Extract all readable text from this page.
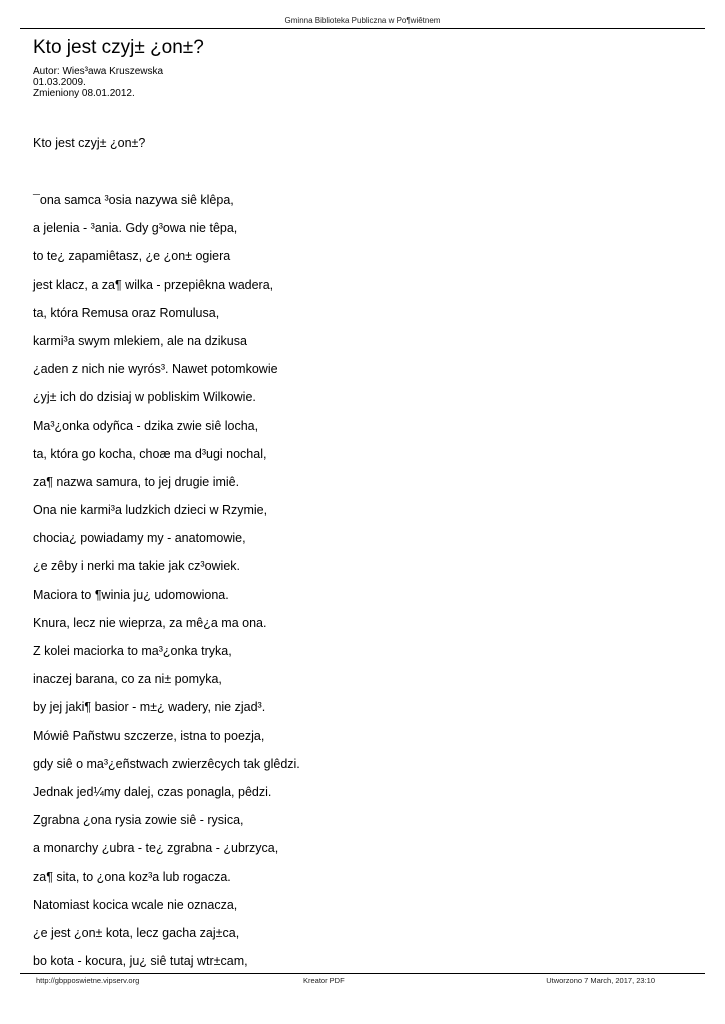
Gminna Biblioteka Publiczna w Po¶wiêtnem
Kto jest czyj± ¿on±?
Autor: Wies³awa Kruszewska
01.03.2009.
Zmieniony 08.01.2012.
Kto jest czyj± ¿on±?
¯ona samca ³osia nazywa siê klêpa,
a jelenia - ³ania. Gdy g³owa nie têpa,
to te¿ zapamiêtasz, ¿e ¿on± ogiera
jest klacz, a za¶ wilka - przepiêkna wadera,
ta, która Remusa oraz Romulusa,
karmi³a swym mlekiem, ale na dzikusa
¿aden z nich nie wyrós³. Nawet potomkowie
¿yj± ich do dzisiaj w pobliskim Wilkowie.
Ma³¿onka odyñca - dzika zwie siê locha,
ta, która go kocha, choæ ma d³ugi nochal,
za¶ nazwa samura, to jej drugie imiê.
Ona nie karmi³a ludzkich dzieci w Rzymie,
chocia¿ powiadamy my - anatomowie,
¿e zêby i nerki ma takie jak cz³owiek.
Maciora to ¶winia ju¿ udomowiona.
Knura, lecz nie wieprza, za mê¿a ma ona.
Z kolei maciorka to ma³¿onka tryka,
inaczej barana, co za ni± pomyka,
by jej jaki¶ basior - m±¿ wadery, nie zjad³.
Mówiê Pañstwu szczerze, istna to poezja,
gdy siê o ma³¿eñstwach zwierzêcych tak glêdzi.
Jednak jed¼my dalej, czas ponagla, pêdzi.
Zgrabna ¿ona rysia zowie siê - rysica,
a monarchy ¿ubra - te¿ zgrabna - ¿ubrzyca,
za¶ sita, to ¿ona koz³a lub rogacza.
Natomiast kocica wcale nie oznacza,
¿e jest ¿on± kota, lecz gacha zaj±ca,
bo kota - kocura, ju¿ siê tutaj wtr±cam,
http://gbpposwietne.vipserv.org	Kreator PDF	Utworzono 7 March, 2017, 23:10
